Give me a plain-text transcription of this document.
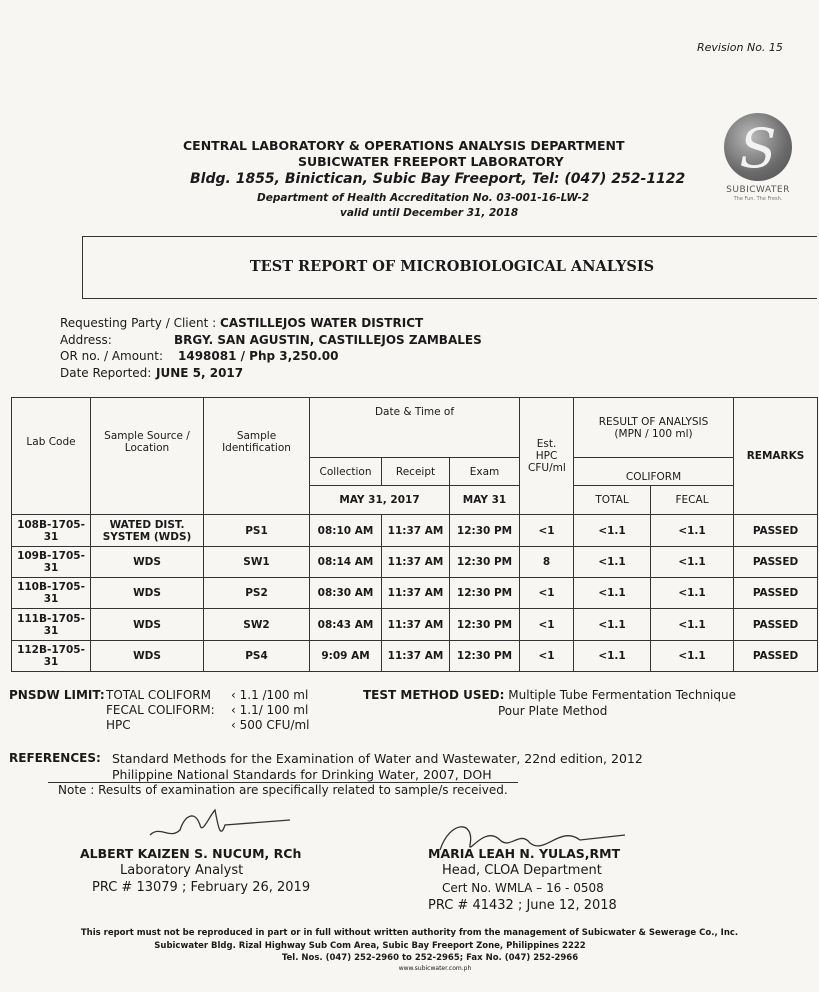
Revision No. 15
CENTRAL LABORATORY & OPERATIONS ANALYSIS DEPARTMENT
SUBICWATER FREEPORT LABORATORY
Bldg. 1855, Binictican, Subic Bay Freeport, Tel: (047) 252-1122
Department of Health Accreditation No. 03-001-16-LW-2
valid until December 31, 2018
S
SUBICWATER
The Fun. The Fresh.
TEST REPORT OF MICROBIOLOGICAL ANALYSIS
Requesting Party / Client : CASTILLEJOS WATER DISTRICT
Address:	BRGY. SAN AGUSTIN, CASTILLEJOS ZAMBALES
OR no. / Amount: 1498081 / Php 3,250.00
Date Reported: JUNE 5, 2017
Lab Code	Sample Source / Location	Sample Identification	Date & Time of			Est. HPC CFU/ml	RESULT OF ANALYSIS (MPN / 100 ml)		REMARKS
			Collection	Receipt	Exam		COLIFORM		
			MAY 31, 2017		MAY 31		TOTAL	FECAL	
108B-1705-31	WATED DIST. SYSTEM (WDS)	PS1	08:10 AM	11:37 AM	12:30 PM	<1	<1.1	<1.1	PASSED
109B-1705-31	WDS	SW1	08:14 AM	11:37 AM	12:30 PM	8	<1.1	<1.1	PASSED
110B-1705-31	WDS	PS2	08:30 AM	11:37 AM	12:30 PM	<1	<1.1	<1.1	PASSED
111B-1705-31	WDS	SW2	08:43 AM	11:37 AM	12:30 PM	<1	<1.1	<1.1	PASSED
112B-1705-31	WDS	PS4	9:09 AM	11:37 AM	12:30 PM	<1	<1.1	<1.1	PASSED
PNSDW LIMIT: TOTAL COLIFORM ‹ 1.1 /100 ml
FECAL COLIFORM: ‹ 1.1/ 100 ml
HPC	‹ 500 CFU/ml
TEST METHOD USED: Multiple Tube Fermentation Technique
Pour Plate Method
REFERENCES: Standard Methods for the Examination of Water and Wastewater, 22nd edition, 2012
Philippine National Standards for Drinking Water, 2007, DOH
Note : Results of examination are specifically related to sample/s received.
ALBERT KAIZEN S. NUCUM, RCh
Laboratory Analyst
PRC # 13079 ; February 26, 2019
MARIA LEAH N. YULAS,RMT
Head, CLOA Department
Cert No. WMLA – 16 - 0508
PRC # 41432 ; June 12, 2018
This report must not be reproduced in part or in full without written authority from the management of Subicwater & Sewerage Co., Inc.
Subicwater Bldg. Rizal Highway Sub Com Area, Subic Bay Freeport Zone, Philippines 2222
Tel. Nos. (047) 252-2960 to 252-2965; Fax No. (047) 252-2966
www.subicwater.com.ph
